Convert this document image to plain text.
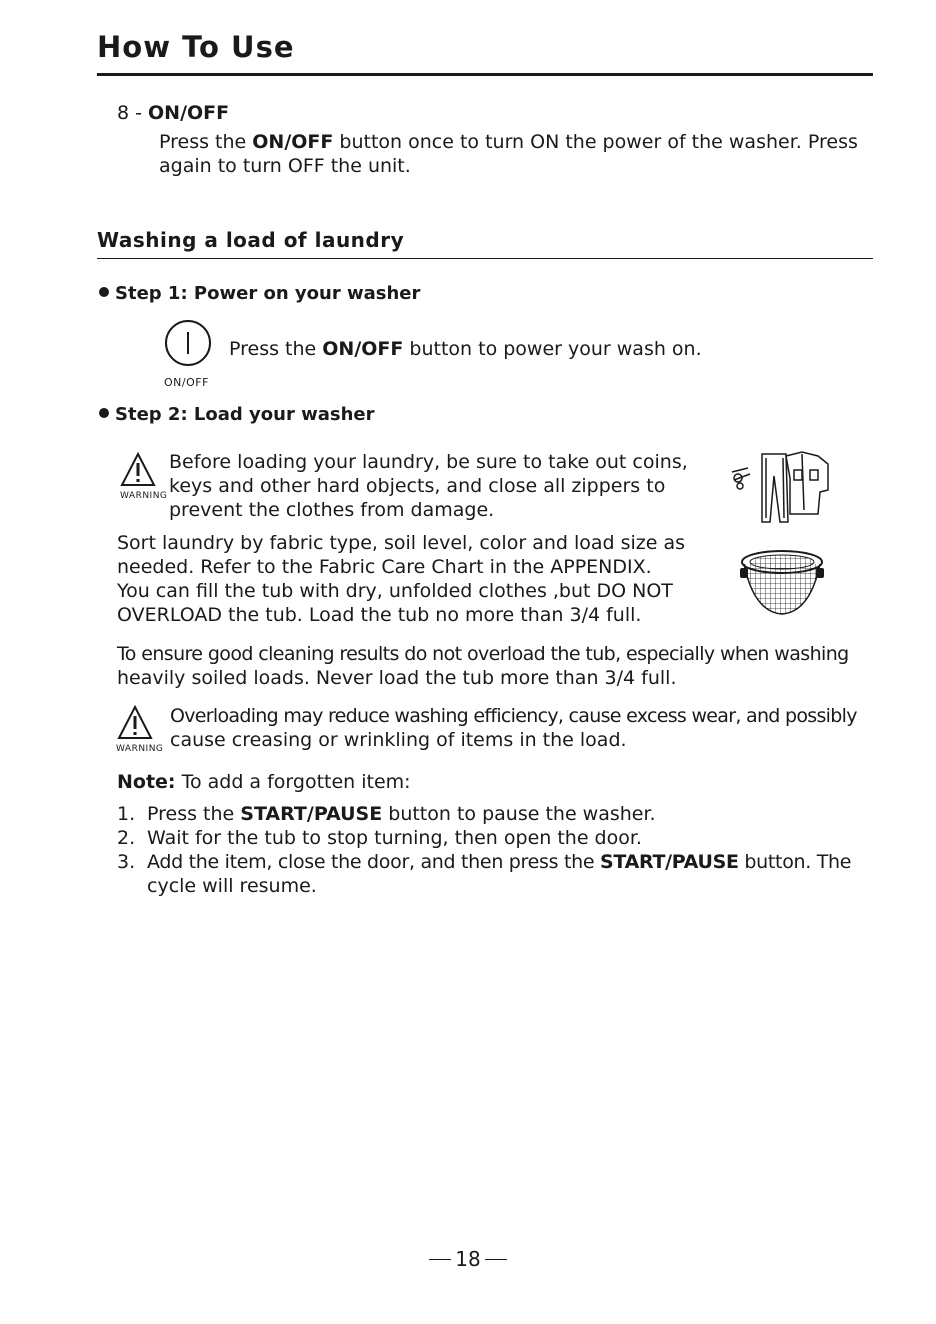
How To Use
8 - ON/OFF
Press the ON/OFF button once to turn ON the power of the washer. Press
again to turn OFF the unit.
Washing a load of laundry
Step 1: Power on your washer
ON/OFF
Press the ON/OFF button to power your wash on.
Step 2: Load your washer
WARNING
Before loading your laundry, be sure to take out coins,
keys and other hard objects, and close all zippers to
prevent the clothes from damage.
Sort laundry by fabric type, soil level, color and load size as
needed. Refer to the Fabric Care Chart in the APPENDIX.
You can fill the tub with dry, unfolded clothes ,but DO NOT
OVERLOAD the tub. Load the tub no more than 3/4 full.
To ensure good cleaning results do not overload the tub, especially when washing
heavily soiled loads. Never load the tub more than 3/4 full.
WARNING
Overloading may reduce washing efficiency, cause excess wear, and possibly
cause creasing or wrinkling of items in the load.
Note: To add a forgotten item:
1. Press the START/PAUSE button to pause the washer.
2. Wait for the tub to stop turning, then open the door.
3. Add the item, close the door, and then press the START/PAUSE button. The
cycle will resume.
18
